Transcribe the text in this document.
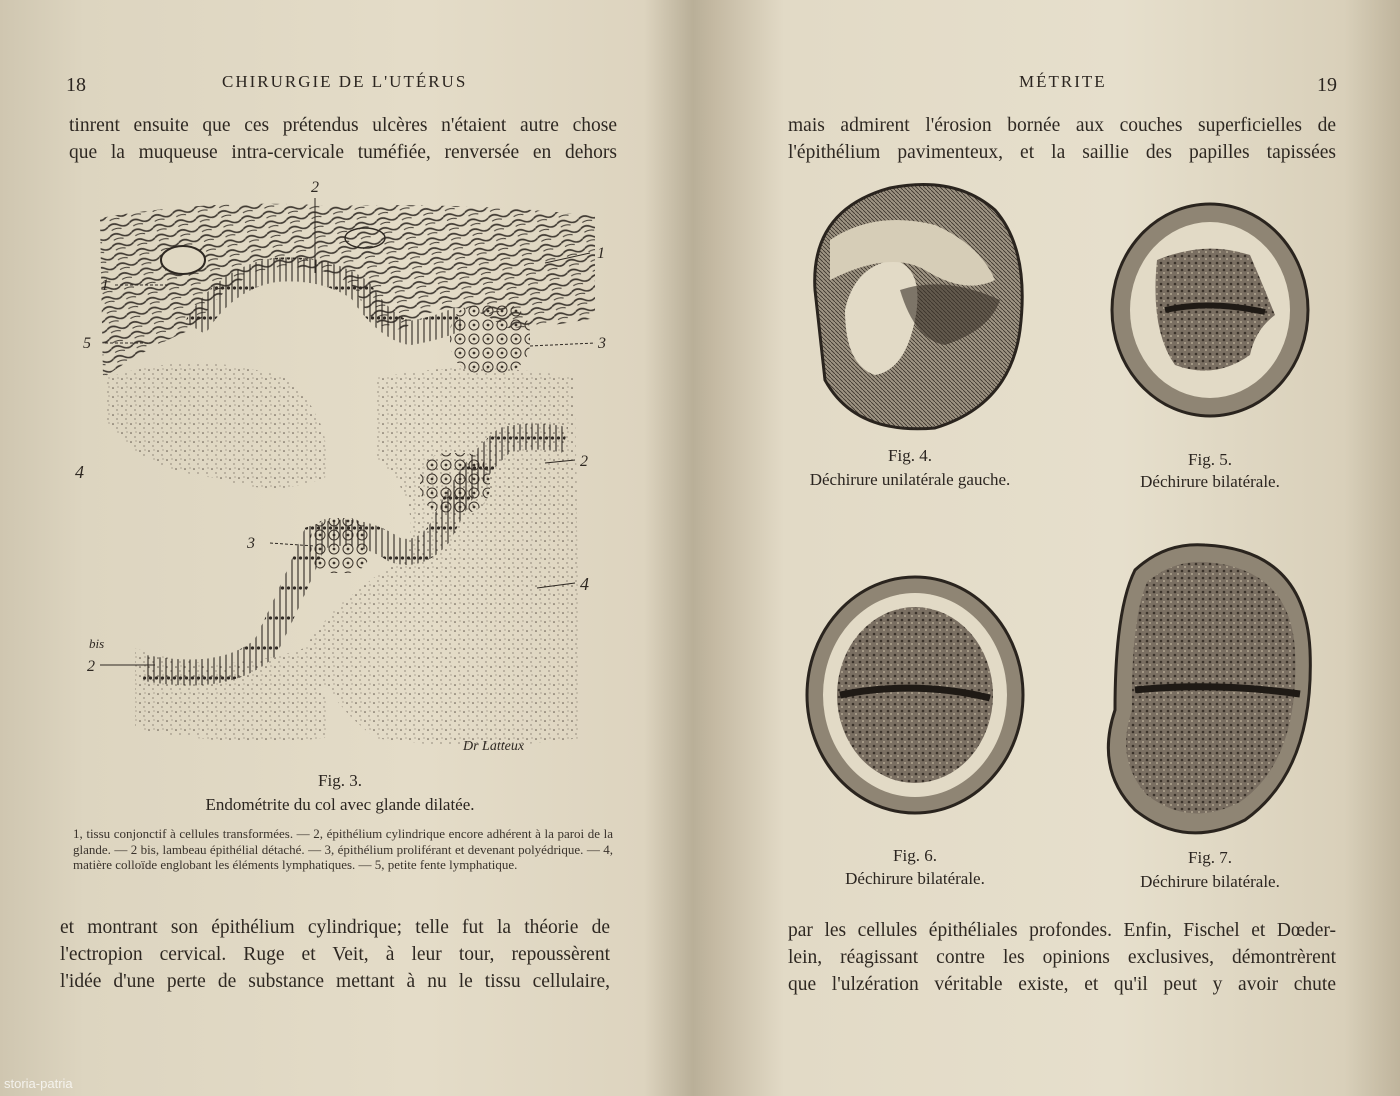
18	CHIRURGIE DE L'UTÉRUS
tinrent ensuite que ces prétendus ulcères n'étaient autre chose
que la muqueuse intra-cervicale tuméfiée, renversée en dehors
2
1
1
5	3
4
2
3
4
bis
2
Dr Latteux
Fig. 3.
Endométrite du col avec glande dilatée.
1, tissu conjonctif à cellules transformées. — 2, épithélium cylindrique encore adhérent à la paroi de la glande. — 2 bis, lambeau épithélial détaché. — 3, épithélium proliférant et devenant polyédrique. — 4, matière colloïde englobant les éléments lymphatiques. — 5, petite fente lymphatique.
et montrant son épithélium cylindrique; telle fut la théorie de
l'ectropion cervical. Ruge et Veit, à leur tour, repoussèrent
l'idée d'une perte de substance mettant à nu le tissu cellulaire,
MÉTRITE	19
mais admirent l'érosion bornée aux couches superficielles de
l'épithélium pavimenteux, et la saillie des papilles tapissées
Fig. 4.
Déchirure unilatérale gauche.
Fig. 5.
Déchirure bilatérale.
Fig. 6.
Déchirure bilatérale.
Fig. 7.
Déchirure bilatérale.
par les cellules épithéliales profondes. Enfin, Fischel et Dœder-
lein, réagissant contre les opinions exclusives, démontrèrent
que l'ulzération véritable existe, et qu'il peut y avoir chute
storia-patria
